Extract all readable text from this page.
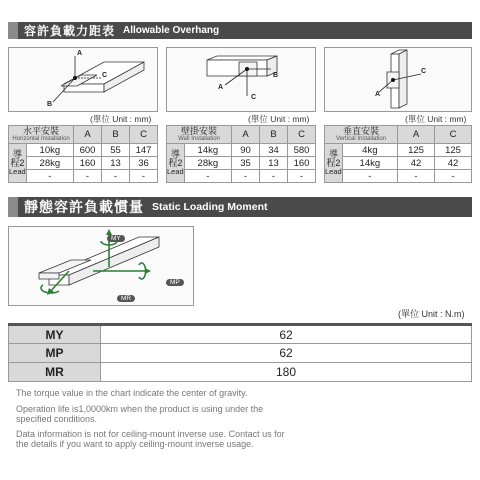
容許負載力距表 Allowable Overhang
A
B
C
A
B
C	A
C
(單位 Unit : mm)	(單位 Unit : mm)	(單位 Unit : mm)
水平安裝
Horizontal Installation		A	B	C

導程2
Lead	10kg	600	55	147
	28kg	160	13	36
	-	-	-	-
壁掛安裝
Wall Installation		A	B	C

導程2
Lead	14kg	90	34	580
	28kg	35	13	160
	-	-	-	-
垂直安裝
Vertical Installation		A	C

導程2
Lead	4kg	125	125
	14kg	42	42
	-	-	-
靜態容許負載慣量 Static Loading Moment
MY
MP
MR
(單位 Unit : N.m)
MY	62
MP	62
MR	180

The torque value in the chart indicate the center of gravity.

Operation life is1,0000km when the product is using under the specified conditions.

Data information is not for ceiling-mount inverse use. Contact us for the details if you want to apply ceiling-mount inverse usage.
